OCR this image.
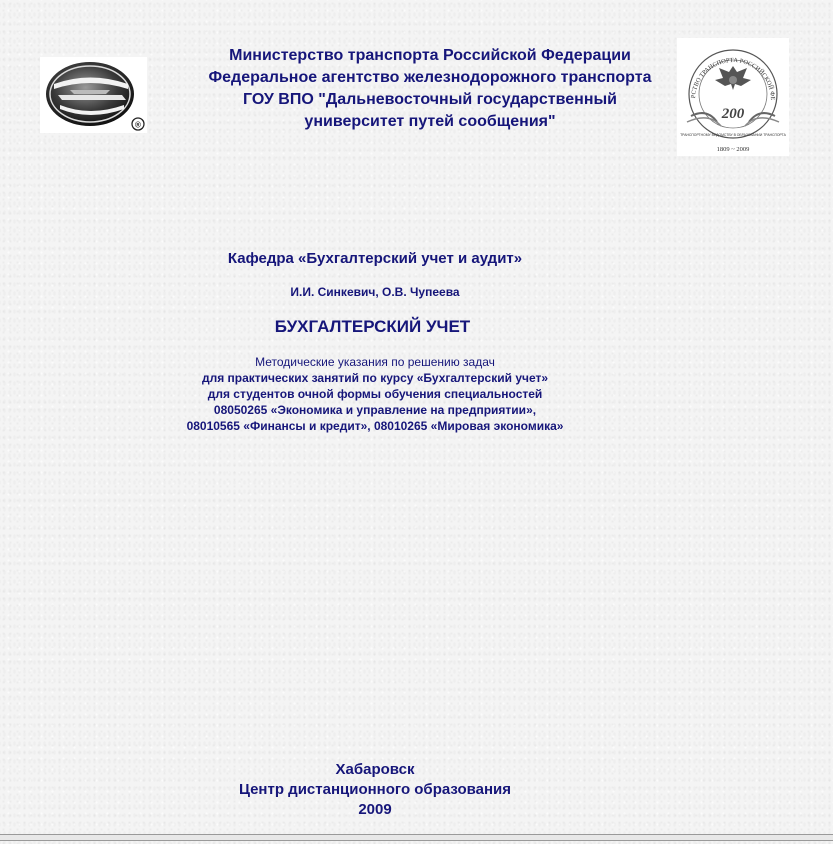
Министерство транспорта Российской Федерации
Федеральное агентство железнодорожного транспорта
ГОУ ВПО "Дальневосточный государственный
университет путей сообщения"
®
РСТВО ТРАНСПОРТА РОССИЙСКОЙ ФЕ
200
ТРАНСПОРТНОМУ ВЕДОМСТВУ В ОБРАЗОВАНИИ ТРАНСПОРТА
1809 ~ 2009
Кафедра «Бухгалтерский учет и аудит»
И.И. Синкевич, О.В. Чупеева
БУХГАЛТЕРСКИЙ УЧЕТ
Методические указания по решению задач
для практических занятий по курсу «Бухгалтерский учет»
для студентов очной формы обучения специальностей
08050265 «Экономика и управление на предприятии»,
08010565 «Финансы и кредит», 08010265 «Мировая экономика»
Хабаровск
Центр дистанционного образования
2009
